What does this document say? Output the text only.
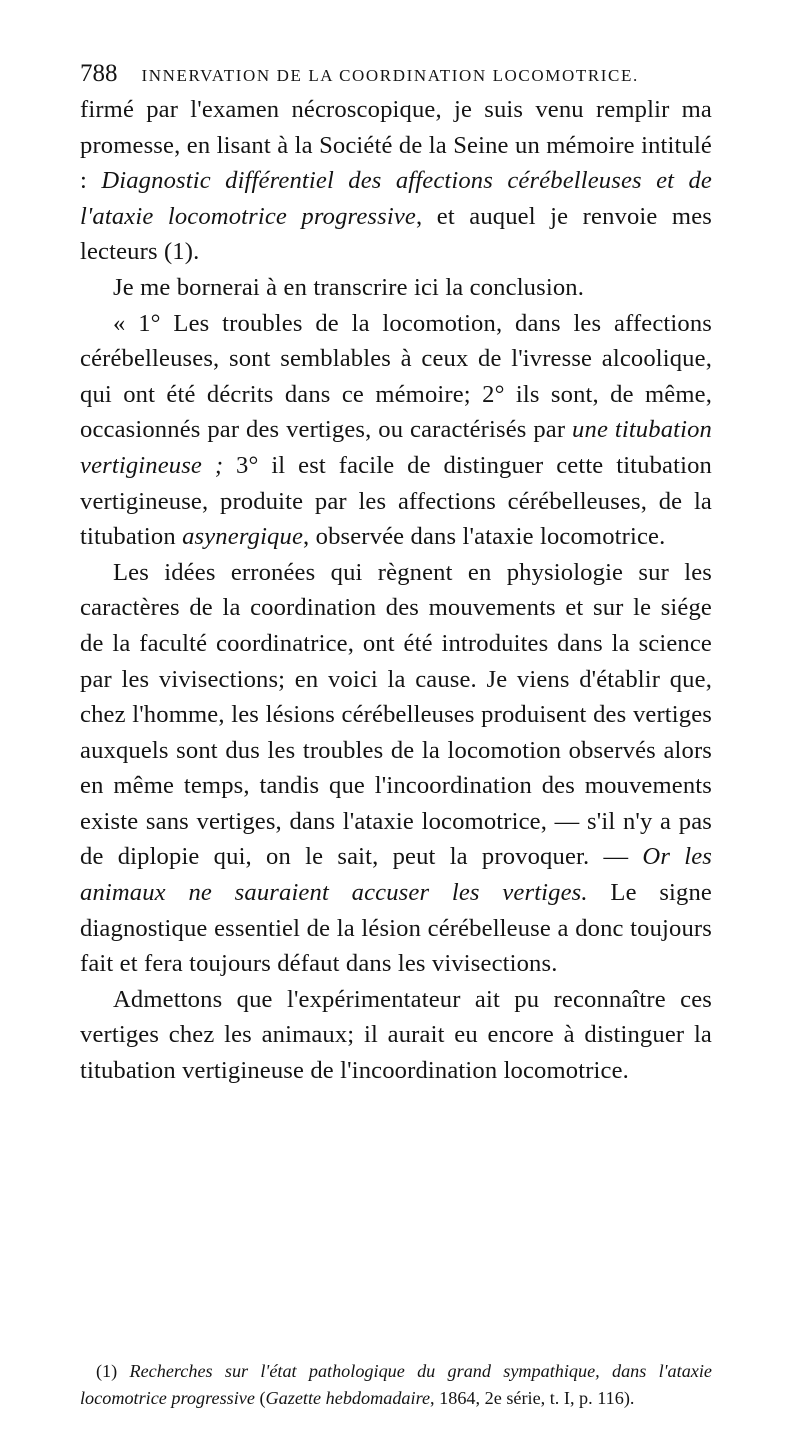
788 INNERVATION DE LA COORDINATION LOCOMOTRICE.

firmé par l'examen nécroscopique, je suis venu remplir ma promesse, en lisant à la Société de la Seine un mémoire intitulé : Diagnostic différentiel des affections cérébelleuses et de l'ataxie locomotrice progressive, et auquel je renvoie mes lecteurs (1).

Je me bornerai à en transcrire ici la conclusion.

« 1° Les troubles de la locomotion, dans les affections cérébelleuses, sont semblables à ceux de l'ivresse alcoolique, qui ont été décrits dans ce mémoire; 2° ils sont, de même, occasionnés par des vertiges, ou caractérisés par une titubation vertigineuse ; 3° il est facile de distinguer cette titubation vertigineuse, produite par les affections cérébelleuses, de la titubation asynergique, observée dans l'ataxie locomotrice.

Les idées erronées qui règnent en physiologie sur les caractères de la coordination des mouvements et sur le siége de la faculté coordinatrice, ont été introduites dans la science par les vivisections; en voici la cause. Je viens d'établir que, chez l'homme, les lésions cérébelleuses produisent des vertiges auxquels sont dus les troubles de la locomotion observés alors en même temps, tandis que l'incoordination des mouvements existe sans vertiges, dans l'ataxie locomotrice, — s'il n'y a pas de diplopie qui, on le sait, peut la provoquer. — Or les animaux ne sauraient accuser les vertiges. Le signe diagnostique essentiel de la lésion cérébelleuse a donc toujours fait et fera toujours défaut dans les vivisections.

Admettons que l'expérimentateur ait pu reconnaître ces vertiges chez les animaux; il aurait eu encore à distinguer la titubation vertigineuse de l'incoordination locomotrice.

(1) Recherches sur l'état pathologique du grand sympathique, dans l'ataxie locomotrice progressive (Gazette hebdomadaire, 1864, 2e série, t. I, p. 116).
